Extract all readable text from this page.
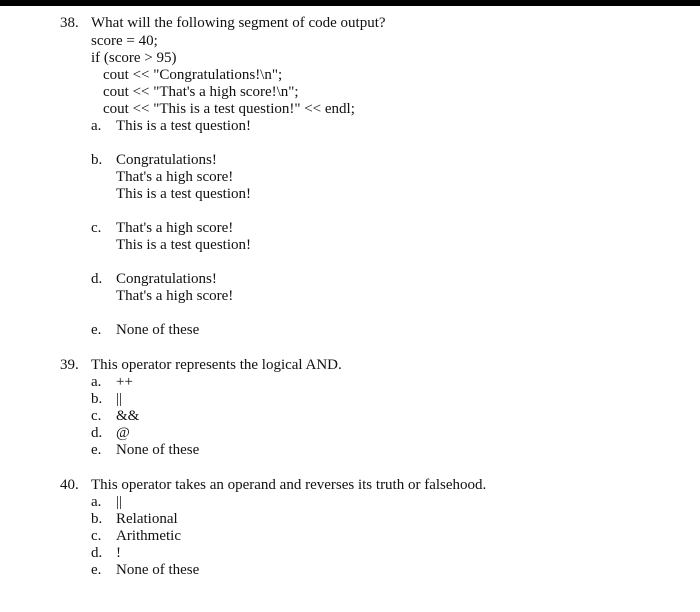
38. What will the following segment of code output?
score = 40;
if (score > 95)
cout << "Congratulations!\n";
cout << "That's a high score!\n";
cout << "This is a test question!" << endl;
a. This is a test question!
b. Congratulations!
That's a high score!
This is a test question!
c. That's a high score!
This is a test question!
d. Congratulations!
That's a high score!
e. None of these
39. This operator represents the logical AND.
a. ++
b. ||
c. &&
d. @
e. None of these
40. This operator takes an operand and reverses its truth or falsehood.
a. ||
b. Relational
c. Arithmetic
d. !
e. None of these
